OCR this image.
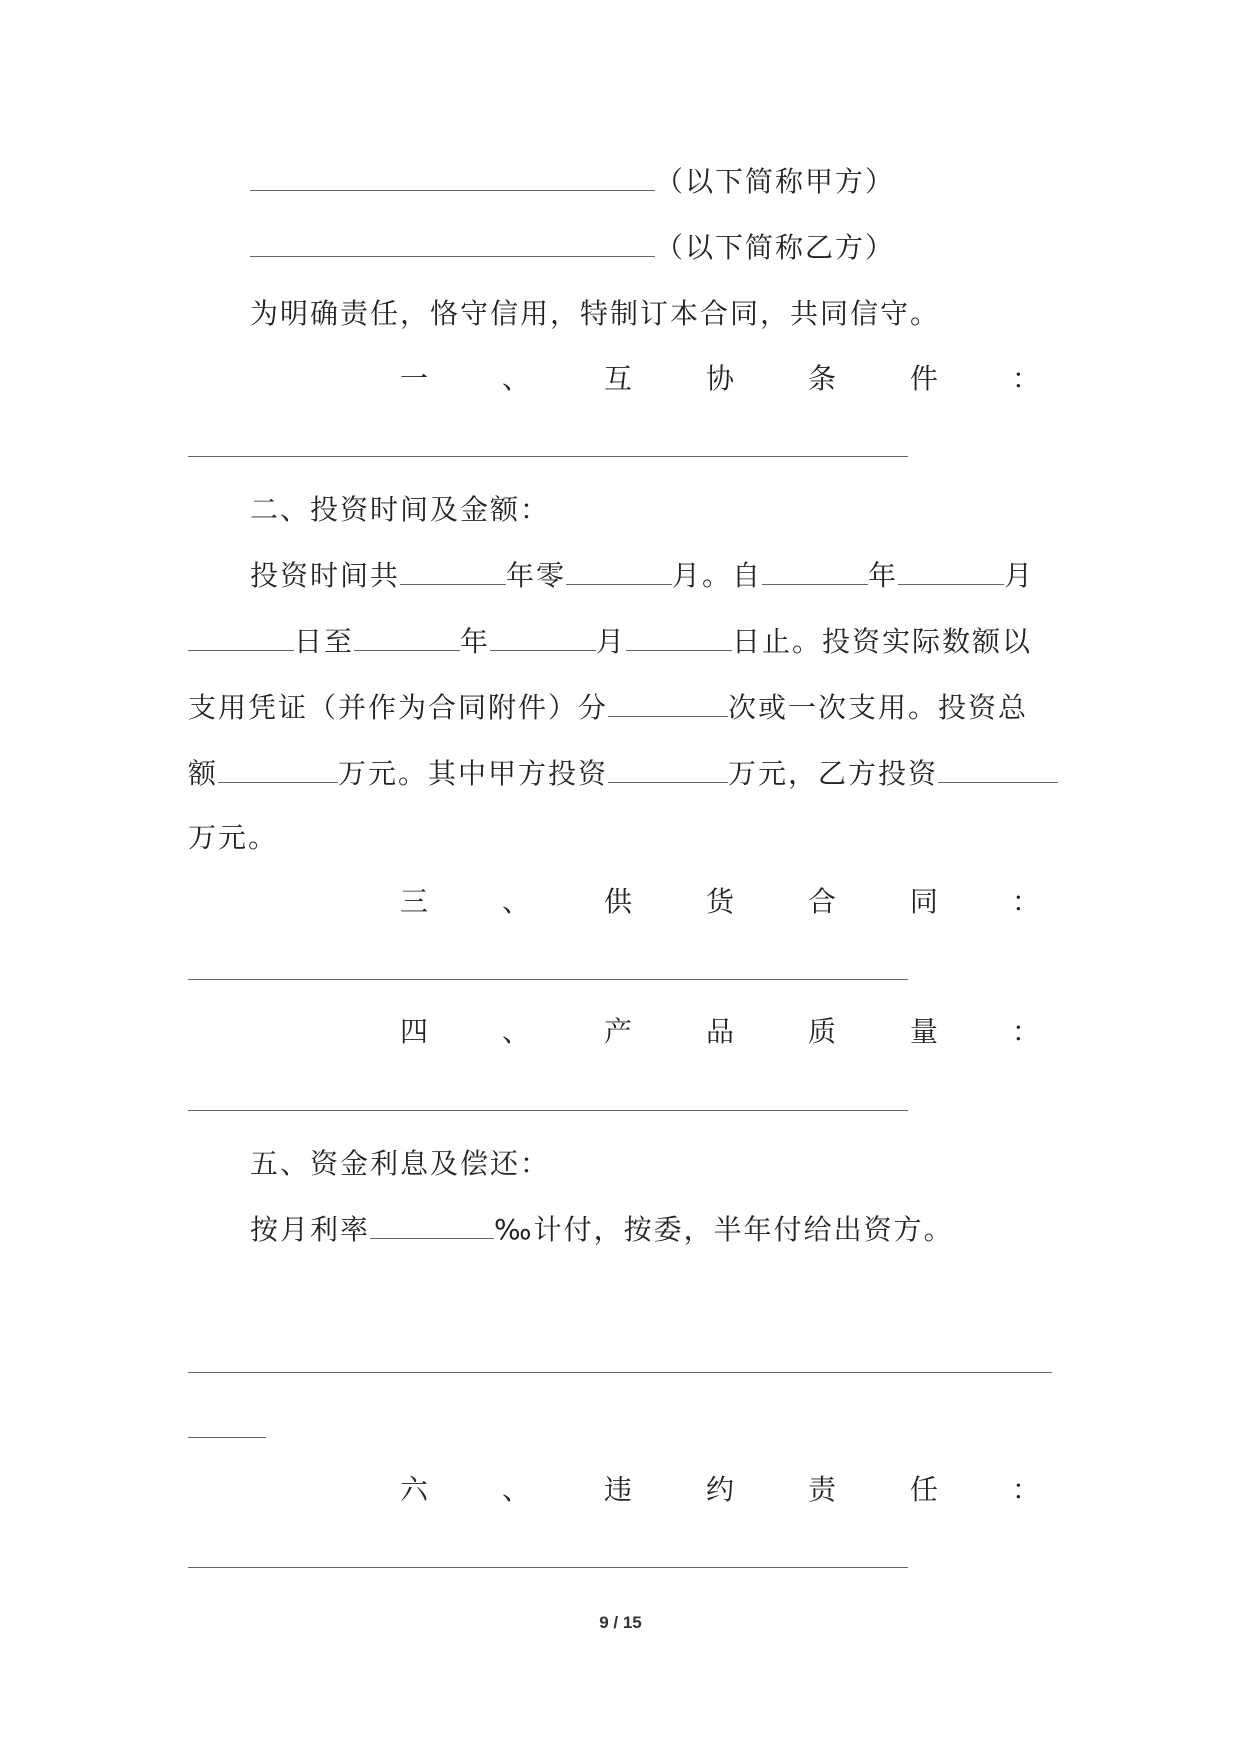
（以下简称甲方）
（以下简称乙方）
为明确责任，恪守信用，特制订本合同，共同信守。
一	、	互	协	条	件	：
二、投资时间及金额：
投资时间共	年零	月。自	年	月
日至	年	月	日止。投资实际数额以
支用凭证（并作为合同附件）分	次或一次支用。投资总
额	万元。其中甲方投资	万元，乙方投资
万元。
三	、	供	货	合	同	：
四	、	产	品	质	量	：
五、资金利息及偿还：
按月利率	‰计付，按委，半年付给出资方。
六	、	违	约	责	任	：
9 / 15
